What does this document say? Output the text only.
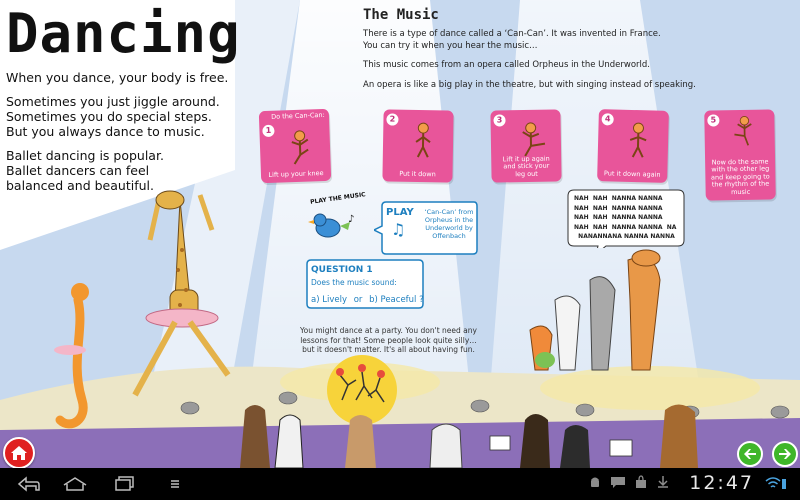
♪
Dancing

When you dance, your body is free.

Sometimes you just jiggle around.
Sometimes you do special steps.
But you always dance to music.

Ballet dancing is popular.
Ballet dancers can feel
balanced and beautiful.

The Music

There is a type of dance called a ‘Can-Can’. It was invented in France.
You can try it when you hear the music…

This music comes from an opera called Orpheus in the Underworld.

An opera is like a big play in the theatre, but with singing instead of speaking.

Do the Can-Can:
1
Lift up your knee
2
Put it down
3
Lift it up again
and stick your
leg out
4
Put it down again
5
Now do the same
with the other leg
and keep going to
the rhythm of the
music
PLAY THE MUSIC
PLAY
♫
‘Can-Can’ from
Orpheus in the
Underworld by
Offenbach
QUESTION 1
Does the music sound:
a) Lively or b) Peaceful ?
You might dance at a party. You don't need any
lessons for that! Some people look quite silly…
but it doesn't matter. It's all about having fun.
NAH  NAH  NANNA NANNA
NAH  NAH  NANNA NANNA
NAH  NAH  NANNA NANNA
NAH  NAH  NANNA NANNA  NA
NANANNANA NANNA NANNA
12:47
